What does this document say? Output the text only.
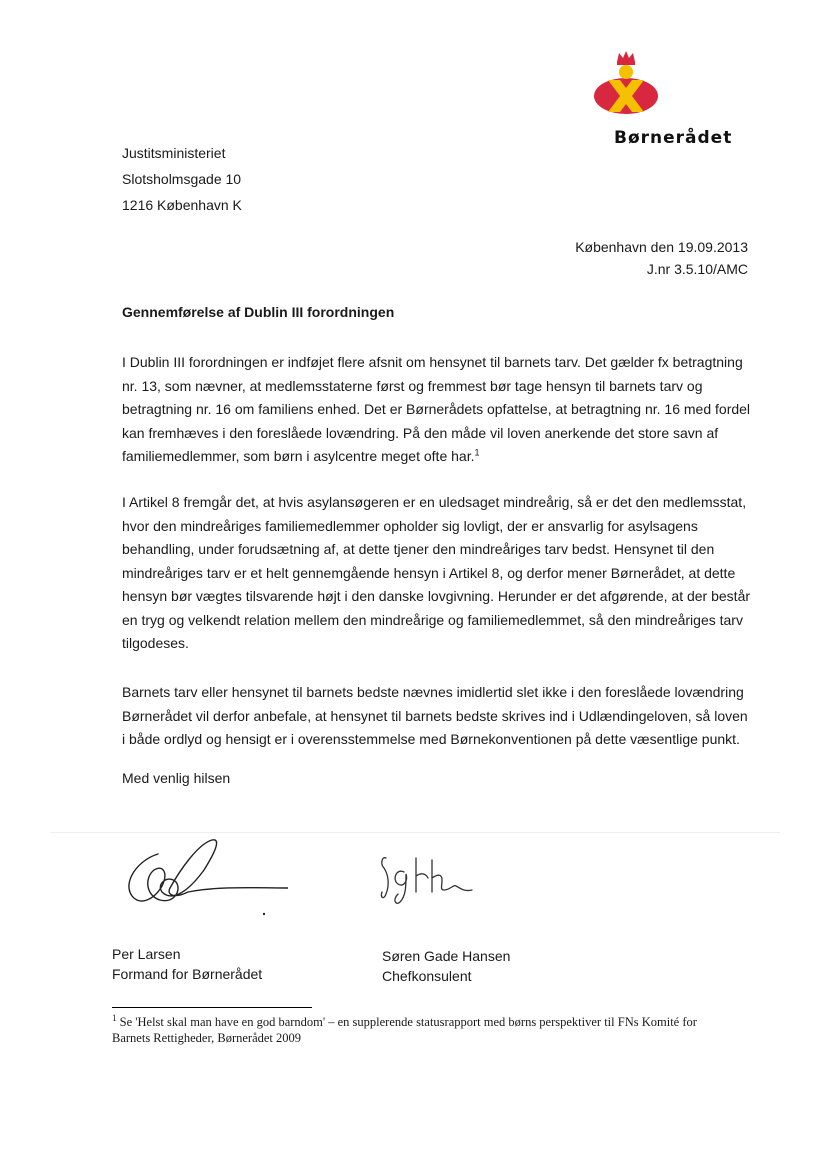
Børnerådet
Justitsministeriet
Slotsholmsgade 10
1216 København K
København den 19.09.2013
J.nr 3.5.10/AMC
Gennemførelse af Dublin III forordningen
I Dublin III forordningen er indføjet flere afsnit om hensynet til barnets tarv. Det gælder fx betragtning nr. 13, som nævner, at medlemsstaterne først og fremmest bør tage hensyn til barnets tarv og betragtning nr. 16 om familiens enhed. Det er Børnerådets opfattelse, at betragtning nr. 16 med fordel kan fremhæves i den foreslåede lovændring. På den måde vil loven anerkende det store savn af familiemedlemmer, som børn i asylcentre meget ofte har.$^1$
I Artikel 8 fremgår det, at hvis asylansøgeren er en uledsaget mindreårig, så er det den medlemsstat, hvor den mindreåriges familiemedlemmer opholder sig lovligt, der er ansvarlig for asylsagens behandling, under forudsætning af, at dette tjener den mindreåriges tarv bedst. Hensynet til den mindreåriges tarv er et helt gennemgående hensyn i Artikel 8, og derfor mener Børnerådet, at dette hensyn bør vægtes tilsvarende højt i den danske lovgivning. Herunder er det afgørende, at der består en tryg og velkendt relation mellem den mindreårige og familiemedlemmet, så den mindreåriges tarv tilgodeses.
Barnets tarv eller hensynet til barnets bedste nævnes imidlertid slet ikke i den foreslåede lovændring Børnerådet vil derfor anbefale, at hensynet til barnets bedste skrives ind i Udlændingeloven, så loven i både ordlyd og hensigt er i overensstemmelse med Børnekonventionen på dette væsentlige punkt.
Med venlig hilsen
Per Larsen
Formand for Børnerådet
Søren Gade Hansen
Chefkonsulent
$^1$ Se 'Helst skal man have en god barndom' – en supplerende statusrapport med børns perspektiver til FNs Komité for Barnets Rettigheder, Børnerådet 2009
